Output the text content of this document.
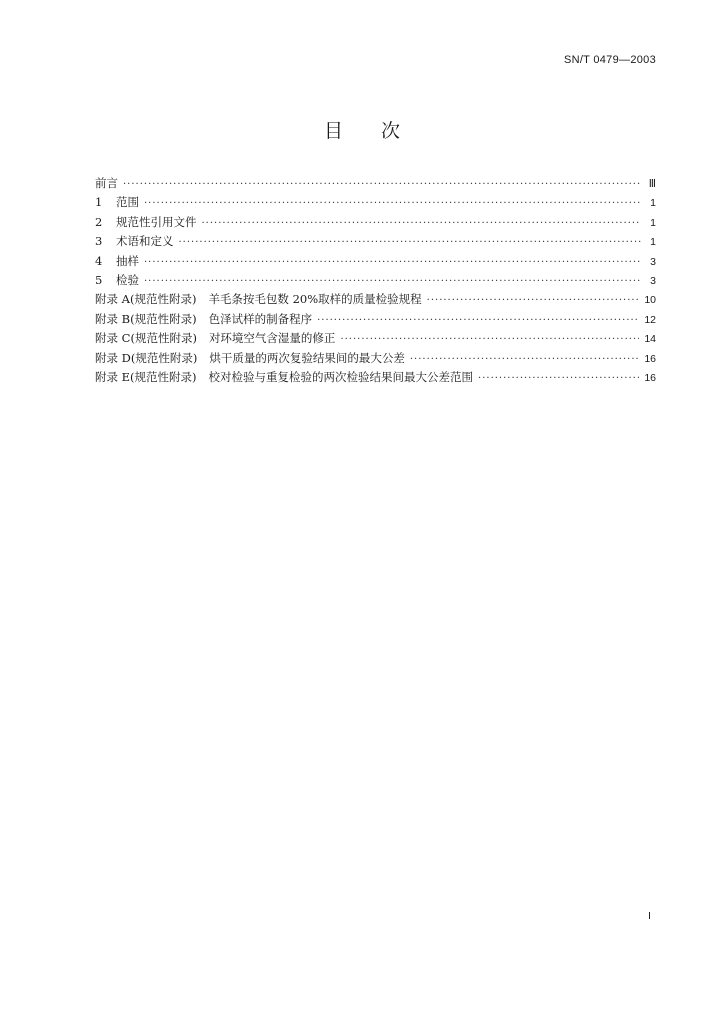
SN/T 0479—2003
目次
前言 ·····	Ⅲ
1 范围 ·····	1
2 规范性引用文件 ·····	1
3 术语和定义 ·····	1
4 抽样 ·····	3
5 检验 ·····	3
附录 A(规范性附录) 羊毛条按毛包数 20%取样的质量检验规程 ·····	10
附录 B(规范性附录) 色泽试样的制备程序 ·····	12
附录 C(规范性附录) 对环境空气含湿量的修正 ·····	14
附录 D(规范性附录) 烘干质量的两次复验结果间的最大公差 ·····	16
附录 E(规范性附录) 校对检验与重复检验的两次检验结果间最大公差范围 ·····	16
Ⅰ
